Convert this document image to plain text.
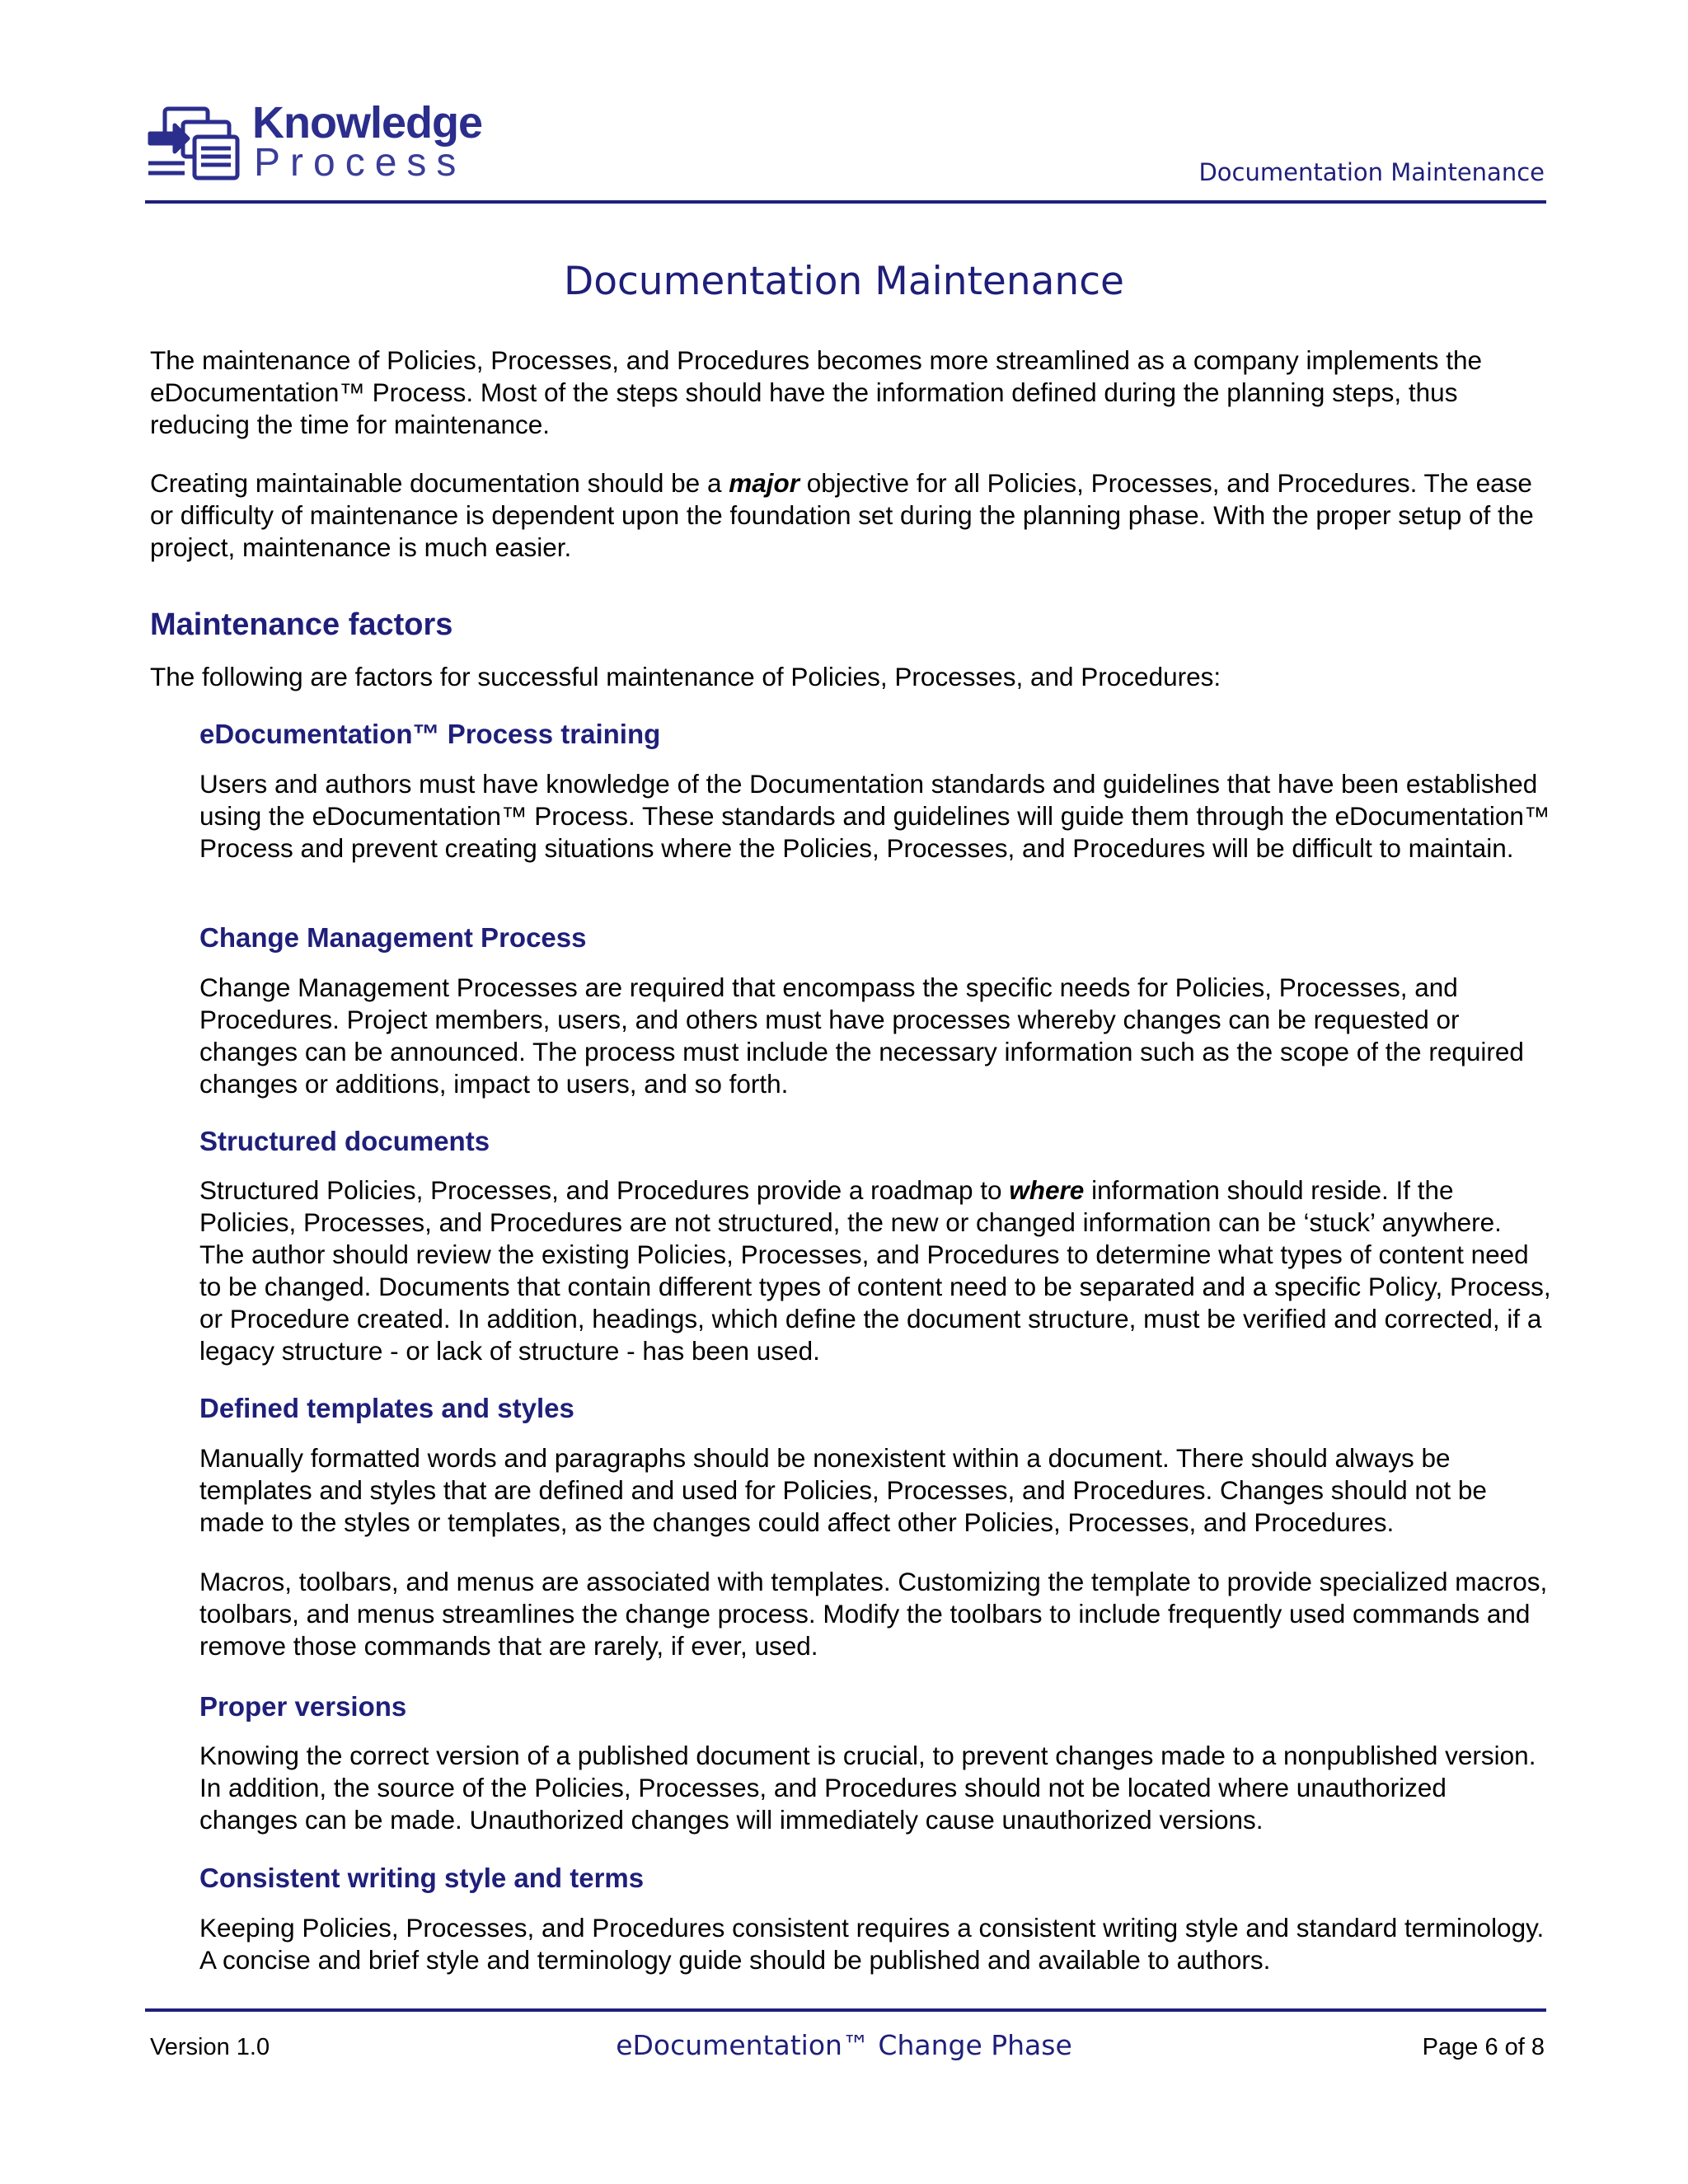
Knowledge
Process	Documentation Maintenance
Documentation Maintenance

The maintenance of Policies, Processes, and Procedures becomes more streamlined as a company implements the eDocumentation™ Process. Most of the steps should have the information defined during the planning steps, thus reducing the time for maintenance.

Creating maintainable documentation should be a major objective for all Policies, Processes, and Procedures. The ease or difficulty of maintenance is dependent upon the foundation set during the planning phase. With the proper setup of the project, maintenance is much easier.

Maintenance factors

The following are factors for successful maintenance of Policies, Processes, and Procedures:

eDocumentation™ Process training

Users and authors must have knowledge of the Documentation standards and guidelines that have been established using the eDocumentation™ Process. These standards and guidelines will guide them through the eDocumentation™ Process and prevent creating situations where the Policies, Processes, and Procedures will be difficult to maintain.

Change Management Process

Change Management Processes are required that encompass the specific needs for Policies, Processes, and Procedures. Project members, users, and others must have processes whereby changes can be requested or changes can be announced. The process must include the necessary information such as the scope of the required changes or additions, impact to users, and so forth.

Structured documents

Structured Policies, Processes, and Procedures provide a roadmap to where information should reside. If the Policies, Processes, and Procedures are not structured, the new or changed information can be ‘stuck’ anywhere. The author should review the existing Policies, Processes, and Procedures to determine what types of content need to be changed. Documents that contain different types of content need to be separated and a specific Policy, Process, or Procedure created. In addition, headings, which define the document structure, must be verified and corrected, if a legacy structure - or lack of structure - has been used.

Defined templates and styles

Manually formatted words and paragraphs should be nonexistent within a document. There should always be templates and styles that are defined and used for Policies, Processes, and Procedures. Changes should not be made to the styles or templates, as the changes could affect other Policies, Processes, and Procedures.

Macros, toolbars, and menus are associated with templates. Customizing the template to provide specialized macros, toolbars, and menus streamlines the change process. Modify the toolbars to include frequently used commands and remove those commands that are rarely, if ever, used.

Proper versions

Knowing the correct version of a published document is crucial, to prevent changes made to a nonpublished version. In addition, the source of the Policies, Processes, and Procedures should not be located where unauthorized changes can be made. Unauthorized changes will immediately cause unauthorized versions.

Consistent writing style and terms

Keeping Policies, Processes, and Procedures consistent requires a consistent writing style and standard terminology. A concise and brief style and terminology guide should be published and available to authors.

Version 1.0	eDocumentation™ Change Phase	Page 6 of 8
